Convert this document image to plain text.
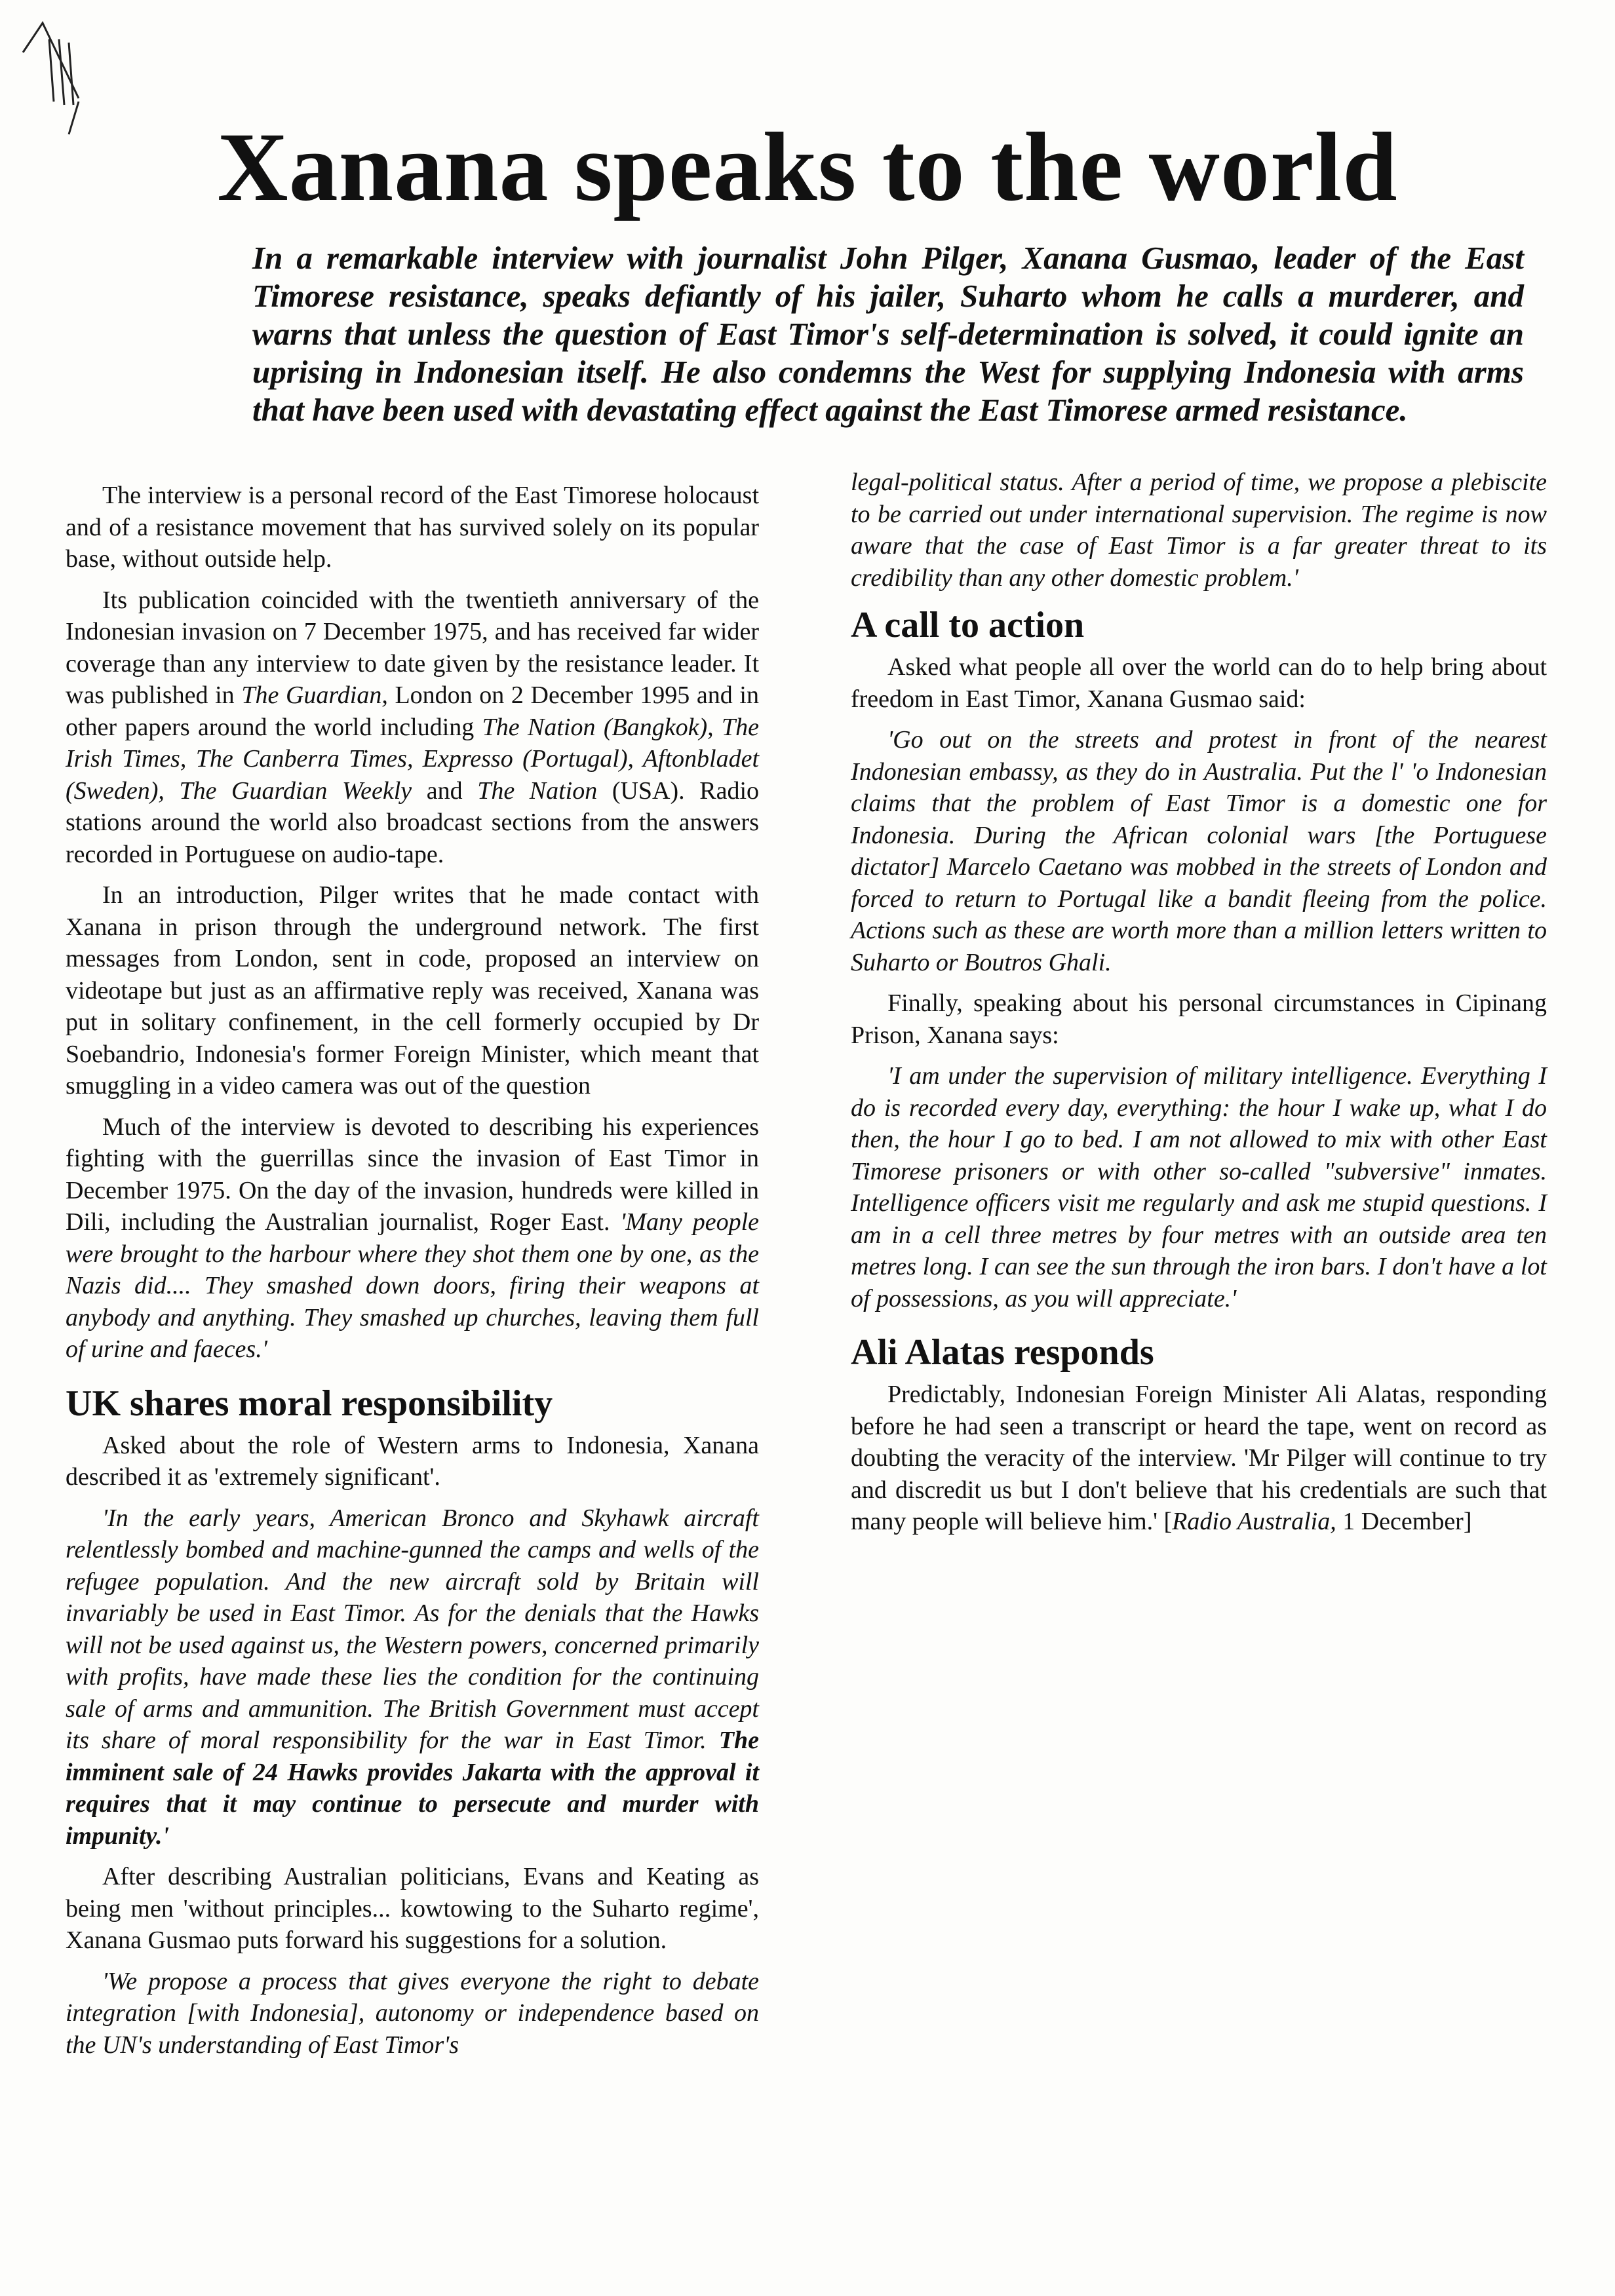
Xanana speaks to the world

In a remarkable interview with journalist John Pilger, Xanana Gusmao, leader of the East Timorese resistance, speaks defiantly of his jailer, Suharto whom he calls a murderer, and warns that unless the question of East Timor's self-determination is solved, it could ignite an uprising in Indonesian itself. He also condemns the West for supplying Indonesia with arms that have been used with devastating effect against the East Timorese armed resistance.

The interview is a personal record of the East Timorese holocaust and of a resistance movement that has survived solely on its popular base, without outside help.

Its publication coincided with the twentieth anniversary of the Indonesian invasion on 7 December 1975, and has received far wider coverage than any interview to date given by the resistance leader. It was published in The Guardian, London on 2 December 1995 and in other papers around the world including The Nation (Bangkok), The Irish Times, The Canberra Times, Expresso (Portugal), Aftonbladet (Sweden), The Guardian Weekly and The Nation (USA). Radio stations around the world also broadcast sections from the answers recorded in Portuguese on audio-tape.

In an introduction, Pilger writes that he made contact with Xanana in prison through the underground network. The first messages from London, sent in code, proposed an interview on videotape but just as an affirmative reply was received, Xanana was put in solitary confinement, in the cell formerly occupied by Dr Soebandrio, Indonesia's former Foreign Minister, which meant that smuggling in a video camera was out of the question

Much of the interview is devoted to describing his experiences fighting with the guerrillas since the invasion of East Timor in December 1975. On the day of the invasion, hundreds were killed in Dili, including the Australian journalist, Roger East. 'Many people were brought to the harbour where they shot them one by one, as the Nazis did.... They smashed down doors, firing their weapons at anybody and anything. They smashed up churches, leaving them full of urine and faeces.'

UK shares moral responsibility

Asked about the role of Western arms to Indonesia, Xanana described it as 'extremely significant'.

'In the early years, American Bronco and Skyhawk aircraft relentlessly bombed and machine-gunned the camps and wells of the refugee population. And the new aircraft sold by Britain will invariably be used in East Timor. As for the denials that the Hawks will not be used against us, the Western powers, concerned primarily with profits, have made these lies the condition for the continuing sale of arms and ammunition. The British Government must accept its share of moral responsibility for the war in East Timor. The imminent sale of 24 Hawks provides Jakarta with the approval it requires that it may continue to persecute and murder with impunity.'

After describing Australian politicians, Evans and Keating as being men 'without principles... kowtowing to the Suharto regime', Xanana Gusmao puts forward his suggestions for a solution.

'We propose a process that gives everyone the right to debate integration [with Indonesia], autonomy or independence based on the UN's understanding of East Timor's

legal-political status. After a period of time, we propose a plebiscite to be carried out under international supervision. The regime is now aware that the case of East Timor is a far greater threat to its credibility than any other domestic problem.'

A call to action

Asked what people all over the world can do to help bring about freedom in East Timor, Xanana Gusmao said:

'Go out on the streets and protest in front of the nearest Indonesian embassy, as they do in Australia. Put the l' 'o Indonesian claims that the problem of East Timor is a domestic one for Indonesia. During the African colonial wars [the Portuguese dictator] Marcelo Caetano was mobbed in the streets of London and forced to return to Portugal like a bandit fleeing from the police. Actions such as these are worth more than a million letters written to Suharto or Boutros Ghali.

Finally, speaking about his personal circumstances in Cipinang Prison, Xanana says:

'I am under the supervision of military intelligence. Everything I do is recorded every day, everything: the hour I wake up, what I do then, the hour I go to bed. I am not allowed to mix with other East Timorese prisoners or with other so-called "subversive" inmates. Intelligence officers visit me regularly and ask me stupid questions. I am in a cell three metres by four metres with an outside area ten metres long. I can see the sun through the iron bars. I don't have a lot of possessions, as you will appreciate.'

Ali Alatas responds

Predictably, Indonesian Foreign Minister Ali Alatas, responding before he had seen a transcript or heard the tape, went on record as doubting the veracity of the interview. 'Mr Pilger will continue to try and discredit us but I don't believe that his credentials are such that many people will believe him.' [Radio Australia, 1 December]
